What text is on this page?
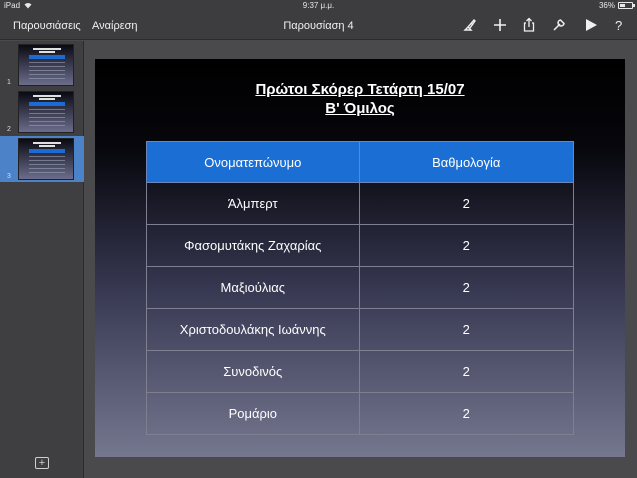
iPad	9:37 μ.μ.	36%
Παρουσιάσεις Αναίρεση	Παρουσίαση 4	?
1
2
3
+
Πρώτοι Σκόρερ Τετάρτη 15/07
Β' Όμιλος
Ονοματεπώνυμο	Βαθμολογία
Άλμπερτ	2
Φασομυτάκης Ζαχαρίας	2
Μαξιούλιας	2
Χριστοδουλάκης Ιωάννης	2
Συνοδινός	2
Ρομάριο	2
